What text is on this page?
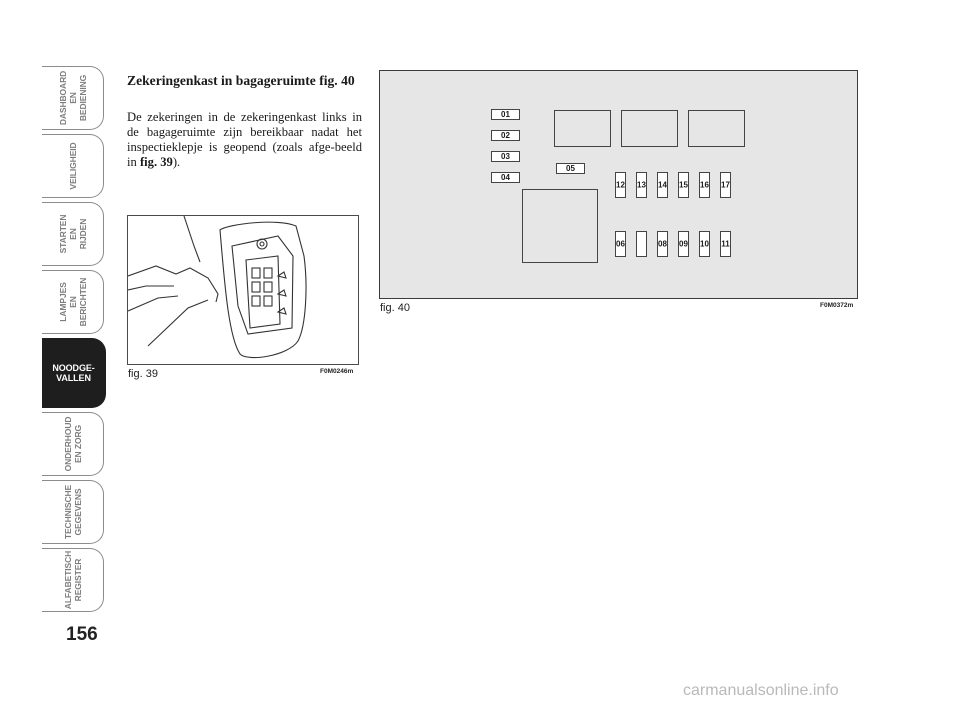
DASHBOARD
EN BEDIENING
VEILIGHEID
STARTEN
EN RIJDEN
LAMPJES
EN BERICHTEN
NOODGE-
VALLEN
ONDERHOUD
EN ZORG
TECHNISCHE
GEGEVENS
ALFABETISCH
REGISTER
156
Zekeringenkast in bagageruimte fig. 40
De zekeringen in de zekeringenkast links in de bagageruimte zijn bereikbaar nadat het inspectieklepje is geopend (zoals afge-beeld in fig. 39).
fig. 39	F0M0246m
01
02
03
04
05
12 13 14 15 16 17
06	08 09 10 11
fig. 40	F0M0372m
carmanualsonline.info
